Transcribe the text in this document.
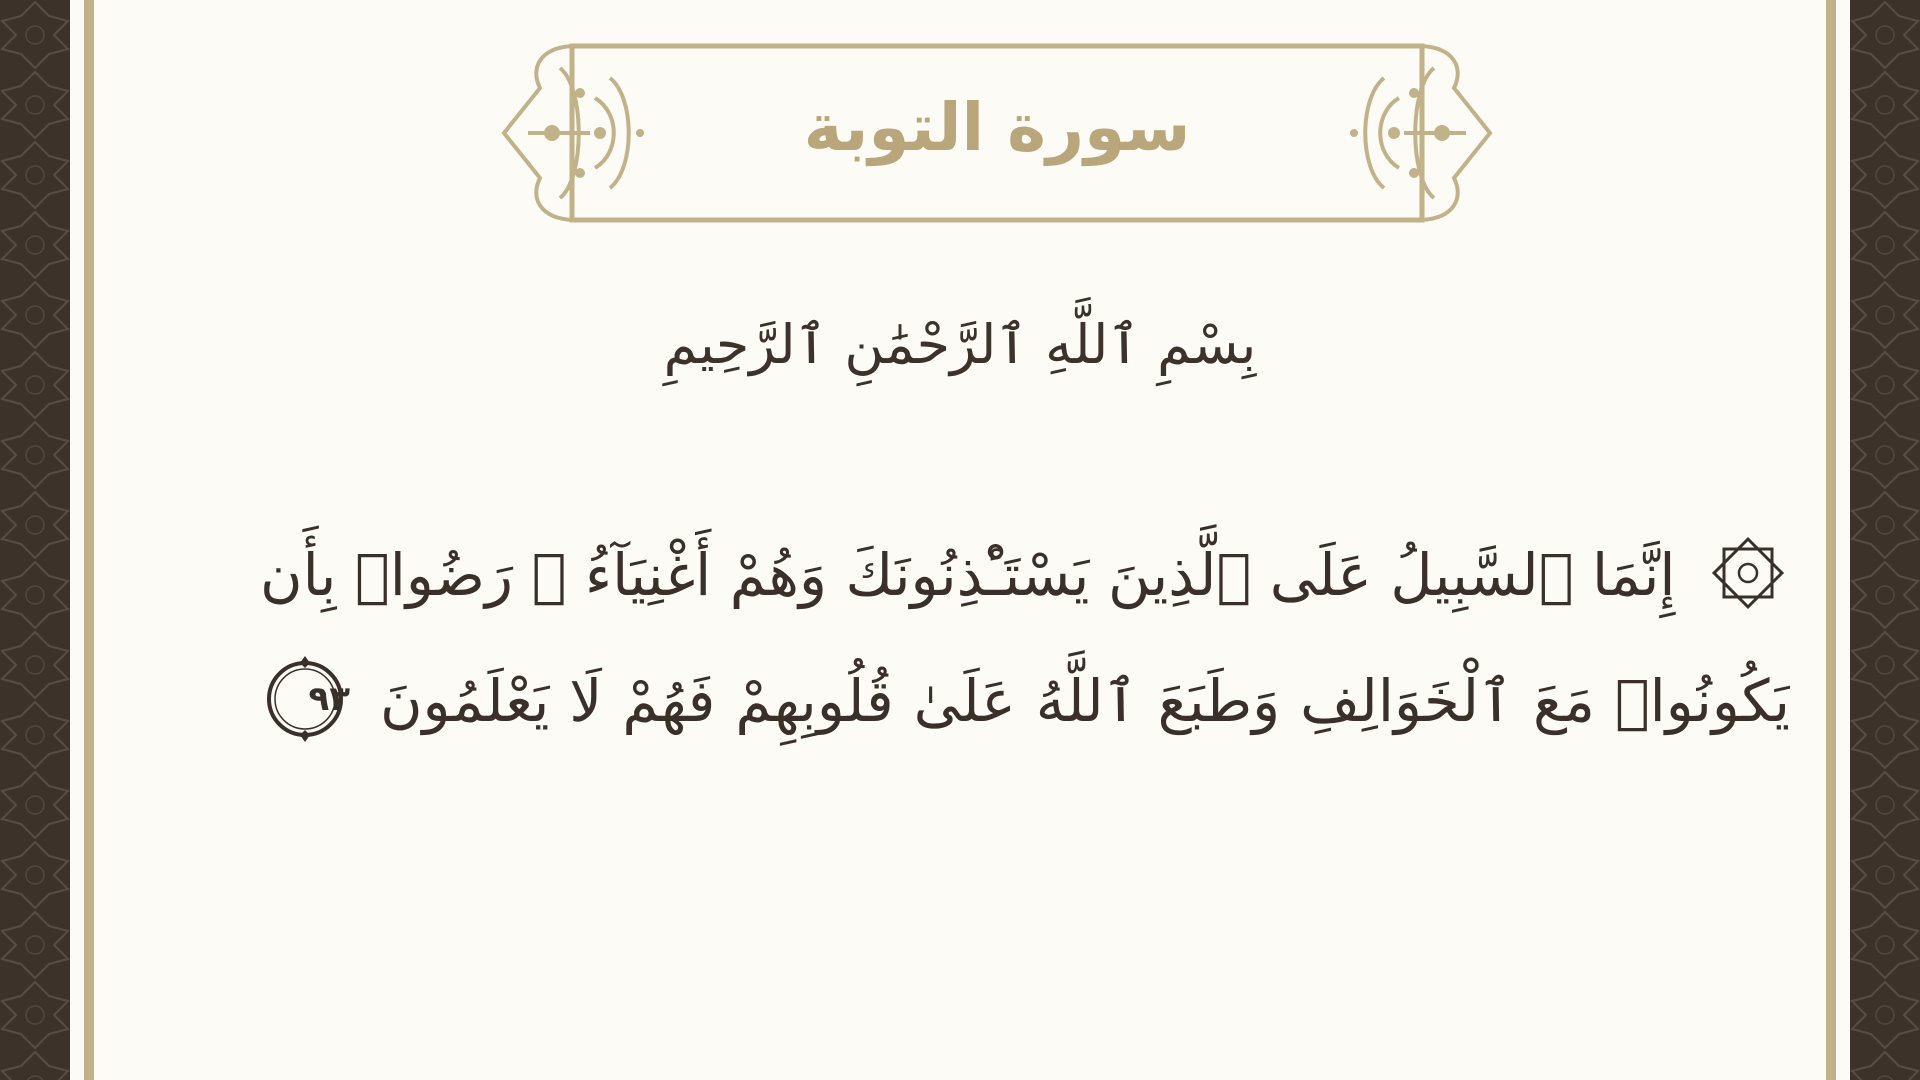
سورة التوبة
بِسْمِ ٱللَّهِ ٱلرَّحْمَٰنِ ٱلرَّحِيمِ
إِنَّمَا ٱلسَّبِيلُ عَلَى ٱلَّذِينَ يَسْتَـْٔذِنُونَكَ وَهُمْ أَغْنِيَآءُ ۚ رَضُوا۟ بِأَن
يَكُونُوا۟ مَعَ ٱلْخَوَالِفِ وَطَبَعَ ٱللَّهُ عَلَىٰ قُلُوبِهِمْ فَهُمْ لَا يَعْلَمُونَ
٩٣
